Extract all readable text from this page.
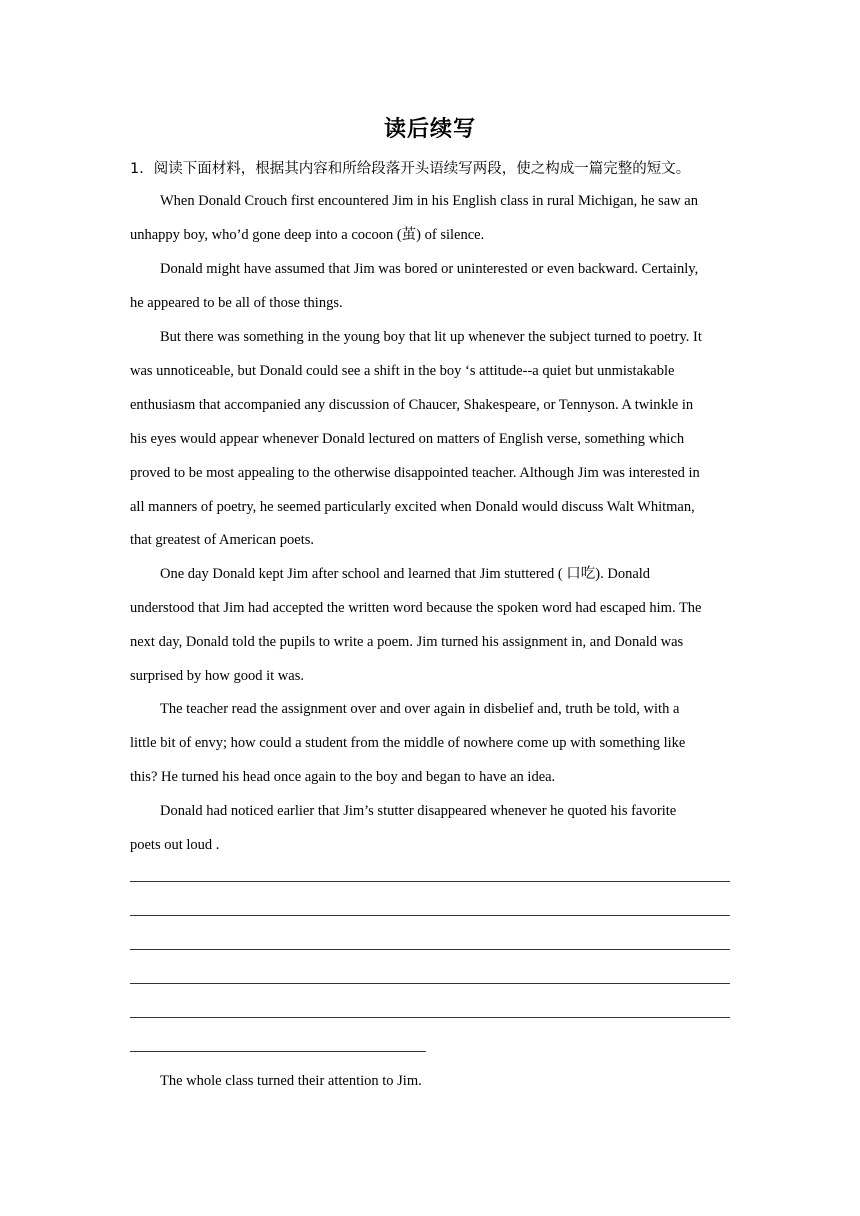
读后续写
1．阅读下面材料，根据其内容和所给段落开头语续写两段，使之构成一篇完整的短文。
When Donald Crouch first encountered Jim in his English class in rural Michigan, he saw an
unhappy boy, who’d gone deep into a cocoon (茧) of silence.
Donald might have assumed that Jim was bored or uninterested or even backward. Certainly,
he appeared to be all of those things.
But there was something in the young boy that lit up whenever the subject turned to poetry. It
was unnoticeable, but Donald could see a shift in the boy ‘s attitude--a quiet but unmistakable
enthusiasm that accompanied any discussion of Chaucer, Shakespeare, or Tennyson. A twinkle in
his eyes would appear whenever Donald lectured on matters of English verse, something which
proved to be most appealing to the otherwise disappointed teacher. Although Jim was interested in
all manners of poetry, he seemed particularly excited when Donald would discuss Walt Whitman,
that greatest of American poets.
One day Donald kept Jim after school and learned that Jim stuttered ( 口吃). Donald
understood that Jim had accepted the written word because the spoken word had escaped him. The
next day, Donald told the pupils to write a poem. Jim turned his assignment in, and Donald was
surprised by how good it was.
The teacher read the assignment over and over again in disbelief and, truth be told, with a
little bit of envy; how could a student from the middle of nowhere come up with something like
this? He turned his head once again to the boy and began to have an idea.
Donald had noticed earlier that Jim’s stutter disappeared whenever he quoted his favorite
poets out loud .
The whole class turned their attention to Jim.
